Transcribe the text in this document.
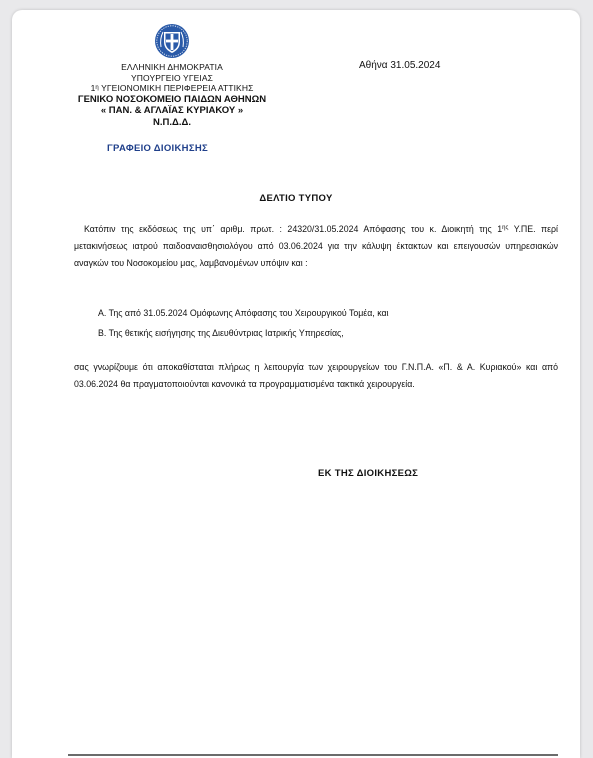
ΕΛΛΗΝΙΚΗ ΔΗΜΟΚΡΑΤΙΑ
ΥΠΟΥΡΓΕΙΟ ΥΓΕΙΑΣ
$1^\eta$ ΥΓΕΙΟΝΟΜΙΚΗ ΠΕΡΙΦΕΡΕΙΑ ΑΤΤΙΚΗΣ
ΓΕΝΙΚΟ ΝΟΣΟΚΟΜΕΙΟ ΠΑΙΔΩΝ ΑΘΗΝΩΝ
« ΠΑΝ. & ΑΓΛΑΪΑΣ ΚΥΡΙΑΚΟΥ »
Ν.Π.Δ.Δ.
Αθήνα 31.05.2024
ΓΡΑΦΕΙΟ ΔΙΟΙΚΗΣΗΣ
ΔΕΛΤΙΟ ΤΥΠΟΥ
Κατόπιν της εκδόσεως της υπ΄ αριθμ. πρωτ. : 24320/31.05.2024 Απόφασης του κ. Διοικητή της $1^{\eta\varsigma}$ Υ.ΠΕ. περί μετακινήσεως ιατρού παιδοαναισθησιολόγου από 03.06.2024 για την κάλυψη έκτακτων και επειγουσών υπηρεσιακών αναγκών του Νοσοκομείου μας, λαμβανομένων υπόψιν και :
Α. Της από 31.05.2024 Ομόφωνης Απόφασης του Χειρουργικού Τομέα, και
Β. Της θετικής εισήγησης της Διευθύντριας Ιατρικής Υπηρεσίας,
σας γνωρίζουμε ότι αποκαθίσταται πλήρως η λειτουργία των χειρουργείων του Γ.Ν.Π.Α. «Π. & Α. Κυριακού» και από 03.06.2024 θα πραγματοποιούνται κανονικά τα προγραμματισμένα τακτικά χειρουργεία.
ΕΚ ΤΗΣ ΔΙΟΙΚΗΣΕΩΣ
